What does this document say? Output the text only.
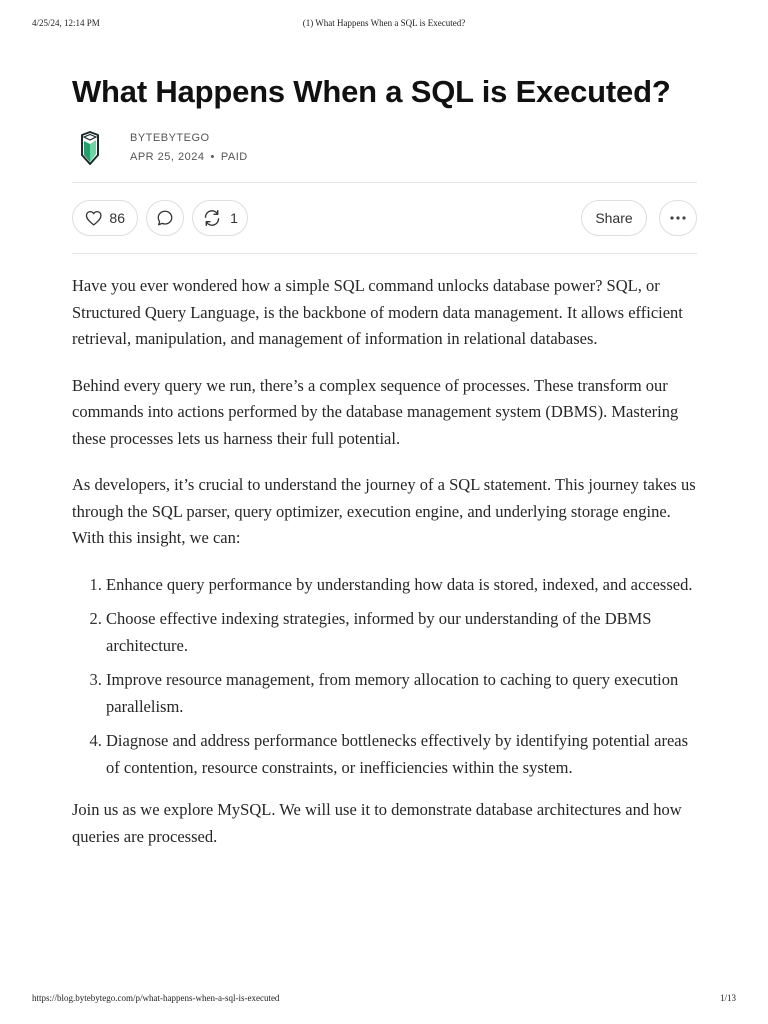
4/25/24, 12:14 PM	(1) What Happens When a SQL is Executed?
What Happens When a SQL is Executed?
BYTEBYTEGO
APR 25, 2024 • PAID
86	1	Share

Have you ever wondered how a simple SQL command unlocks database power? SQL, or Structured Query Language, is the backbone of modern data management. It allows efficient retrieval, manipulation, and management of information in relational databases.

Behind every query we run, there’s a complex sequence of processes. These transform our commands into actions performed by the database management system (DBMS). Mastering these processes lets us harness their full potential.

As developers, it’s crucial to understand the journey of a SQL statement. This journey takes us through the SQL parser, query optimizer, execution engine, and underlying storage engine. With this insight, we can:

1. Enhance query performance by understanding how data is stored, indexed, and accessed.
2. Choose effective indexing strategies, informed by our understanding of the DBMS architecture.
3. Improve resource management, from memory allocation to caching to query execution parallelism.
4. Diagnose and address performance bottlenecks effectively by identifying potential areas of contention, resource constraints, or inefficiencies within the system.

Join us as we explore MySQL. We will use it to demonstrate database architectures and how queries are processed.

https://blog.bytebytego.com/p/what-happens-when-a-sql-is-executed	1/13
